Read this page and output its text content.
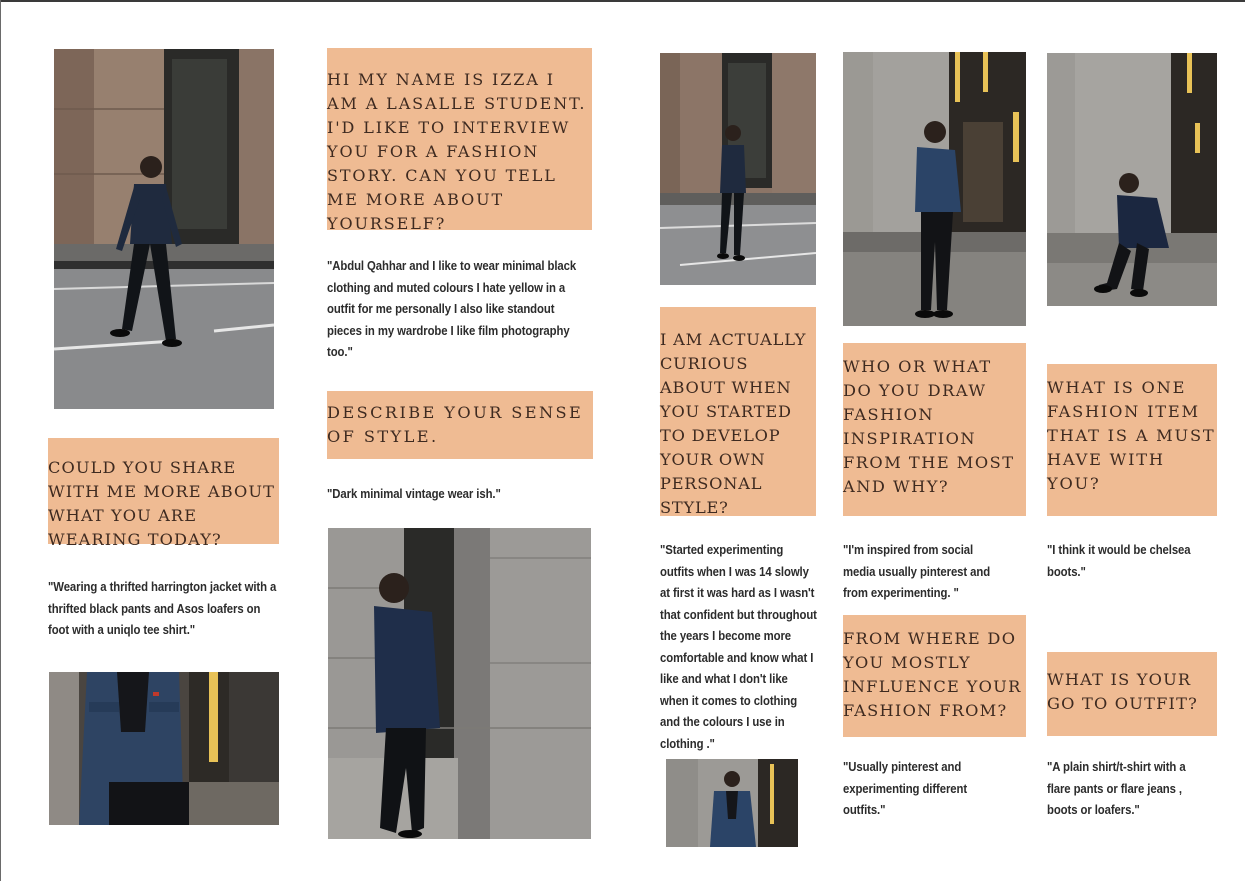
COULD YOU SHARE WITH ME MORE ABOUT WHAT YOU ARE WEARING TODAY?
"Wearing a thrifted harrington jacket with a thrifted black pants and Asos loafers on foot with a uniqlo tee shirt."
HI MY NAME IS IZZA I AM A LASALLE STUDENT. I'D LIKE TO INTERVIEW YOU FOR A FASHION STORY. CAN YOU TELL ME MORE ABOUT YOURSELF?
"Abdul Qahhar and I like to wear minimal black clothing and muted colours I hate yellow in a outfit for me personally I also like standout pieces in my wardrobe I like film photography too."
DESCRIBE YOUR SENSE OF STYLE.
"Dark minimal vintage wear ish."
I AM ACTUALLY CURIOUS ABOUT WHEN YOU STARTED TO DEVELOP YOUR OWN PERSONAL STYLE?
"Started experimenting outfits when I was 14 slowly at first it was hard as I wasn't that confident but throughout the years I become more comfortable and know what I like and what I don't like when it comes to clothing and the colours I use in clothing ."
WHO OR WHAT DO YOU DRAW FASHION INSPIRATION FROM THE MOST AND WHY?
"I'm inspired from social media usually pinterest and from experimenting. "
FROM WHERE DO YOU MOSTLY INFLUENCE YOUR FASHION FROM?
"Usually pinterest and experimenting different outfits."
WHAT IS ONE FASHION ITEM THAT IS A MUST HAVE WITH YOU?
"I think it would be chelsea boots."
WHAT IS YOUR GO TO OUTFIT?
"A plain shirt/t-shirt with a flare pants or flare jeans , boots or loafers."
